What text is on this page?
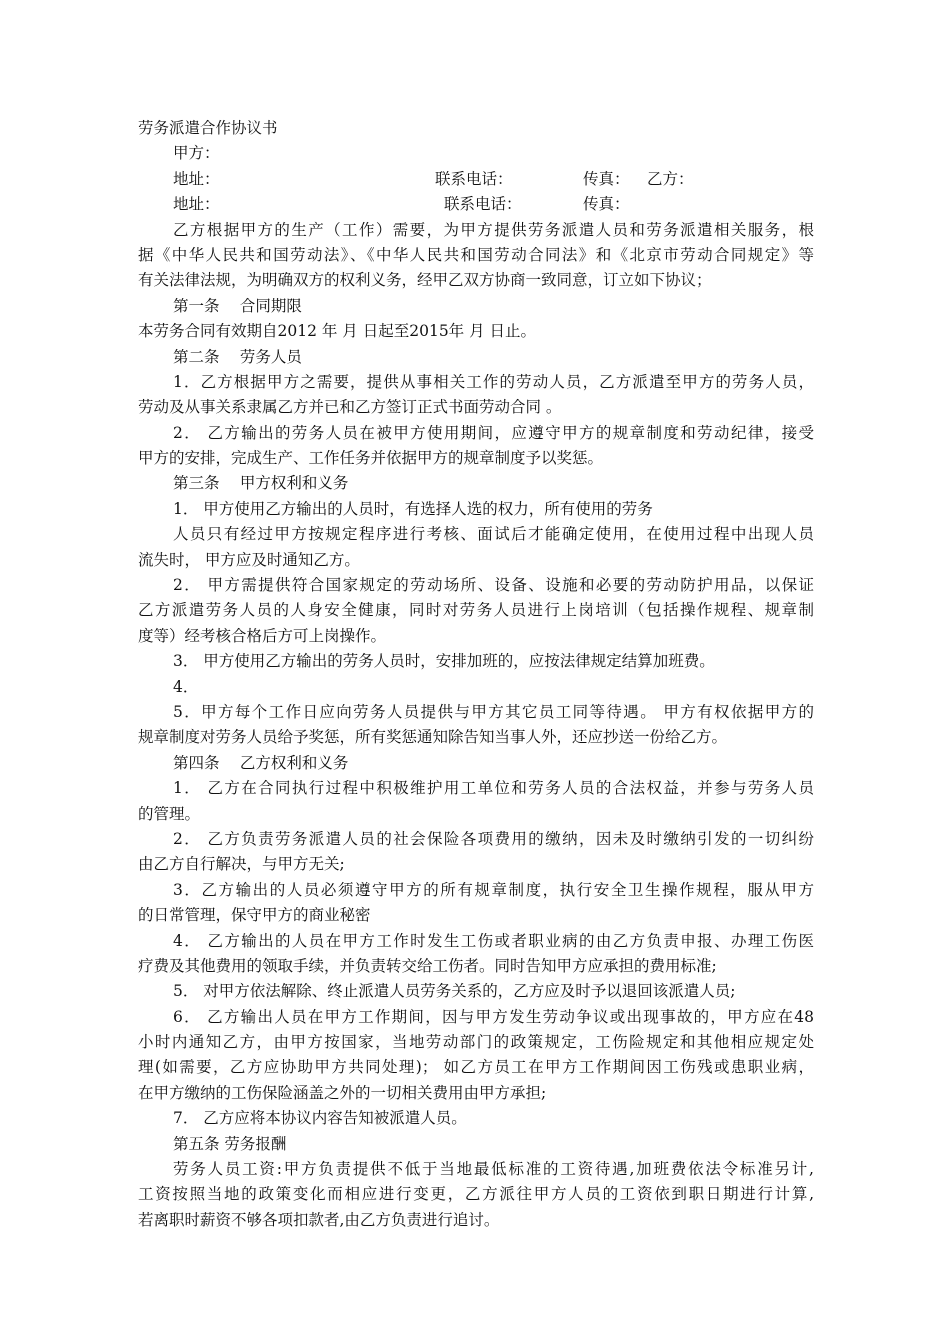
劳务派遣合作协议书
甲方：
地址：	联系电话：	传真： 乙方：
地址：	联系电话：	传真：
乙方根据甲方的生产（工作）需要，为甲方提供劳务派遣人员和劳务派遣相关服务，根
据《中华人民共和国劳动法》、《中华人民共和国劳动合同法》和《北京市劳动合同规定》等
有关法律法规，为明确双方的权利义务，经甲乙双方协商一致同意，订立如下协议；
第一条　 合同期限
本劳务合同有效期自2012 年 月 日起至2015年 月 日止。
第二条　 劳务人员
1．乙方根据甲方之需要，提供从事相关工作的劳动人员，乙方派遣至甲方的劳务人员，
劳动及从事关系隶属乙方并已和乙方签订正式书面劳动合同 。
2． 乙方输出的劳务人员在被甲方使用期间，应遵守甲方的规章制度和劳动纪律，接受
甲方的安排，完成生产、工作任务并依据甲方的规章制度予以奖惩。
第三条　 甲方权利和义务
1． 甲方使用乙方输出的人员时，有选择人选的权力，所有使用的劳务
人员只有经过甲方按规定程序进行考核、面试后才能确定使用，在使用过程中出现人员
流失时， 甲方应及时通知乙方。
2． 甲方需提供符合国家规定的劳动场所、设备、设施和必要的劳动防护用品，以保证
乙方派遣劳务人员的人身安全健康，同时对劳务人员进行上岗培训（包括操作规程、规章制
度等）经考核合格后方可上岗操作。
3． 甲方使用乙方输出的劳务人员时，安排加班的，应按法律规定结算加班费。
4．
5．甲方每个工作日应向劳务人员提供与甲方其它员工同等待遇。 甲方有权依据甲方的
规章制度对劳务人员给予奖惩，所有奖惩通知除告知当事人外，还应抄送一份给乙方。
第四条　 乙方权利和义务
1． 乙方在合同执行过程中积极维护用工单位和劳务人员的合法权益，并参与劳务人员
的管理。
2． 乙方负责劳务派遣人员的社会保险各项费用的缴纳，因未及时缴纳引发的一切纠纷
由乙方自行解决，与甲方无关;
3．乙方输出的人员必须遵守甲方的所有规章制度，执行安全卫生操作规程，服从甲方
的日常管理，保守甲方的商业秘密
4． 乙方输出的人员在甲方工作时发生工伤或者职业病的由乙方负责申报、办理工伤医
疗费及其他费用的领取手续，并负责转交给工伤者。同时告知甲方应承担的费用标准;
5． 对甲方依法解除、终止派遣人员劳务关系的，乙方应及时予以退回该派遣人员;
6． 乙方输出人员在甲方工作期间，因与甲方发生劳动争议或出现事故的，甲方应在48
小时内通知乙方，由甲方按国家，当地劳动部门的政策规定，工伤险规定和其他相应规定处
理(如需要，乙方应协助甲方共同处理)； 如乙方员工在甲方工作期间因工伤残或患职业病，
在甲方缴纳的工伤保险涵盖之外的一切相关费用由甲方承担;
7． 乙方应将本协议内容告知被派遣人员。
第五条 劳务报酬
劳务人员工资:甲方负责提供不低于当地最低标准的工资待遇,加班费依法令标准另计,
工资按照当地的政策变化而相应进行变更，乙方派往甲方人员的工资依到职日期进行计算,
若离职时薪资不够各项扣款者,由乙方负责进行追讨。
